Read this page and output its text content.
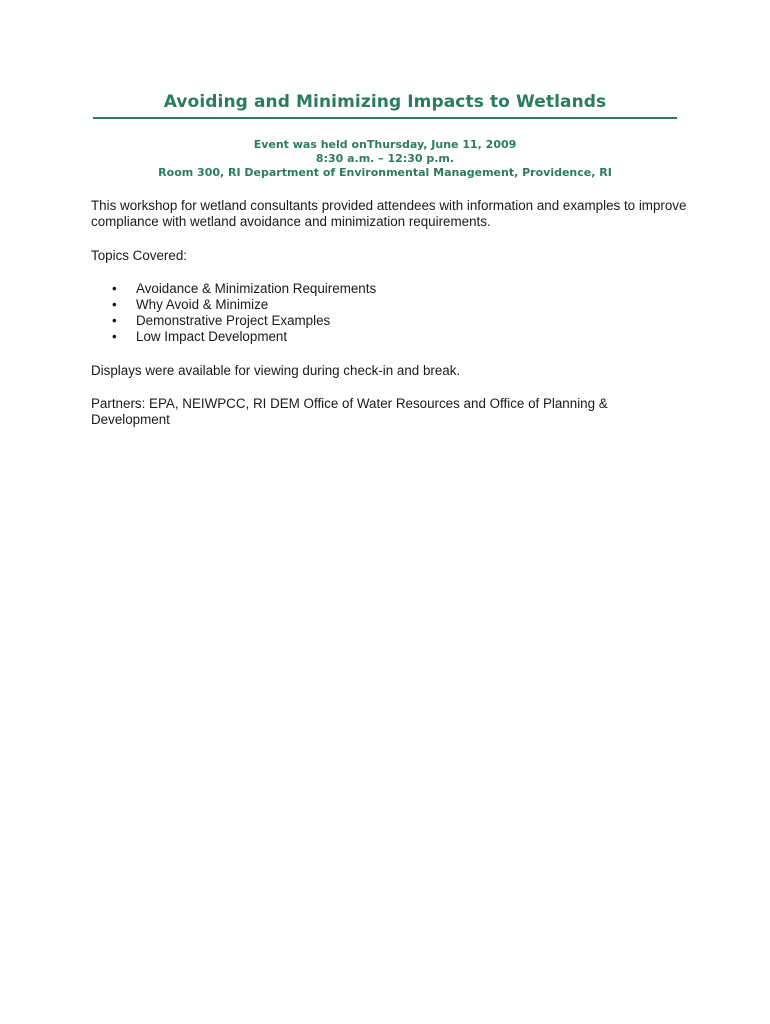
Avoiding and Minimizing Impacts to Wetlands
Event was held onThursday, June 11, 2009
8:30 a.m. – 12:30 p.m.
Room 300, RI Department of Environmental Management, Providence, RI
This workshop for wetland consultants provided attendees with information and examples to improve compliance with wetland avoidance and minimization requirements.
Topics Covered:
• Avoidance & Minimization Requirements
• Why Avoid & Minimize
• Demonstrative Project Examples
• Low Impact Development
Displays were available for viewing during check-in and break.
Partners: EPA, NEIWPCC, RI DEM Office of Water Resources and Office of Planning & Development
